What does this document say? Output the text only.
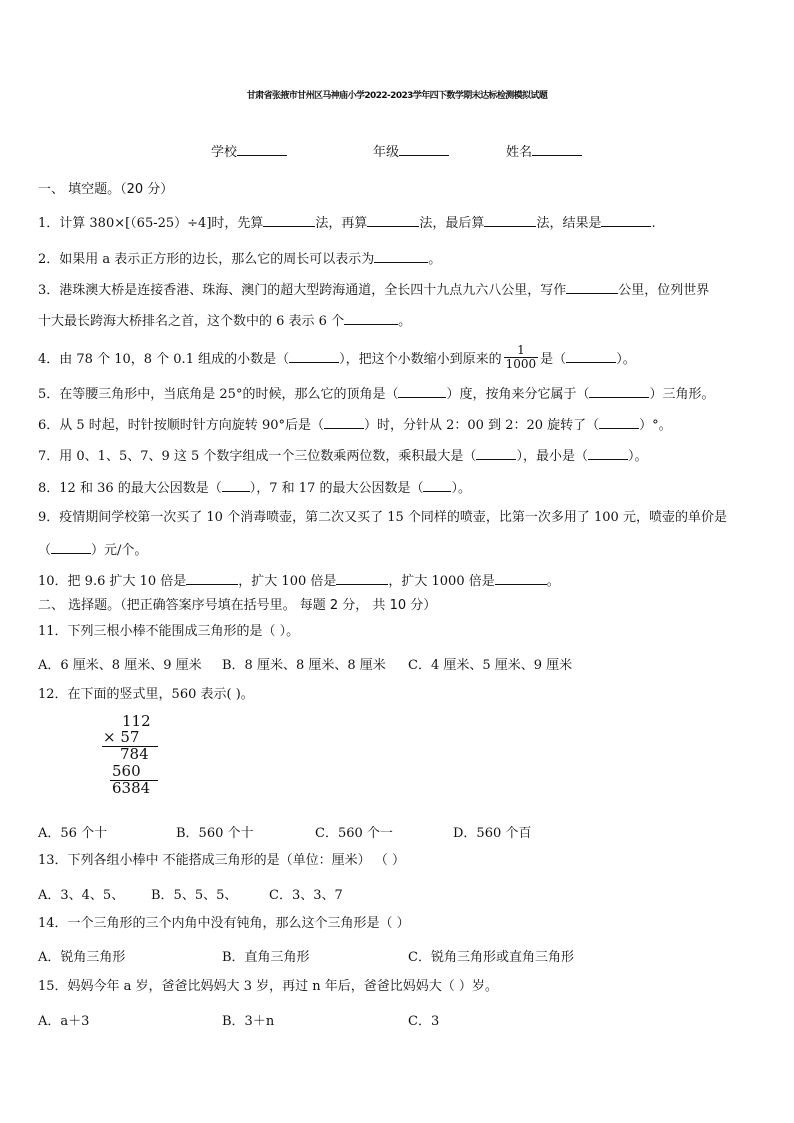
甘肃省张掖市甘州区马神庙小学2022-2023学年四下数学期末达标检测模拟试题
学校	年级	姓名
一、 填空题。（20 分）
1．计算 380×[（65-25）÷4]时，先算	法，再算	法，最后算	法，结果是	.
2．如果用 a 表示正方形的边长，那么它的周长可以表示为	。
3．港珠澳大桥是连接香港、珠海、澳门的超大型跨海通道，全长四十九点九六八公里，写作	公里，位列世界
十大最长跨海大桥排名之首，这个数中的 6 表示 6 个	。
4．由 78 个 10，8 个 0.1 组成的小数是（	），把这个小数缩小到原来的 $\frac{1}{1000}$ 是（	）。
5．在等腰三角形中，当底角是 25°的时候，那么它的顶角是（	）度，按角来分它属于（	）三角形。
6．从 5 时起，时针按顺时针方向旋转 90°后是（	）时，分针从 2：00 到 2：20 旋转了（	）°。
7．用 0、1、5、7、9 这 5 个数字组成一个三位数乘两位数，乘积最大是（	），最小是（	）。
8．12 和 36 的最大公因数是（ ），7 和 17 的最大公因数是（ ）。
9．疫情期间学校第一次买了 10 个消毒喷壶，第二次又买了 15 个同样的喷壶，比第一次多用了 100 元，喷壶的单价是
（	）元/个。
10．把 9.6 扩大 10 倍是	，扩大 100 倍是	，扩大 1000 倍是	。
二、 选择题。（把正确答案序号填在括号里。 每题 2 分， 共 10 分）
11．下列三根小棒不能围成三角形的是（ ）。
A．6 厘米、8 厘米、9 厘米 B．8 厘米、8 厘米、8 厘米 C．4 厘米、5 厘米、9 厘米
12．在下面的竖式里，560 表示( )。
112
× 57
784
560
6384
A．56 个十	B．560 个十	C．560 个一	D．560 个百
13．下列各组小棒中 不能搭成三角形的是（单位：厘米） （ ）
A．3、4、5、 B．5、5、5、 C．3、3、7
14．一个三角形的三个内角中没有钝角，那么这个三角形是（ ）
A．锐角三角形	B．直角三角形	C．锐角三角形或直角三角形
15．妈妈今年 a 岁，爸爸比妈妈大 3 岁，再过 n 年后，爸爸比妈妈大（ ）岁。
A．a＋3	B．3＋n	C．3
